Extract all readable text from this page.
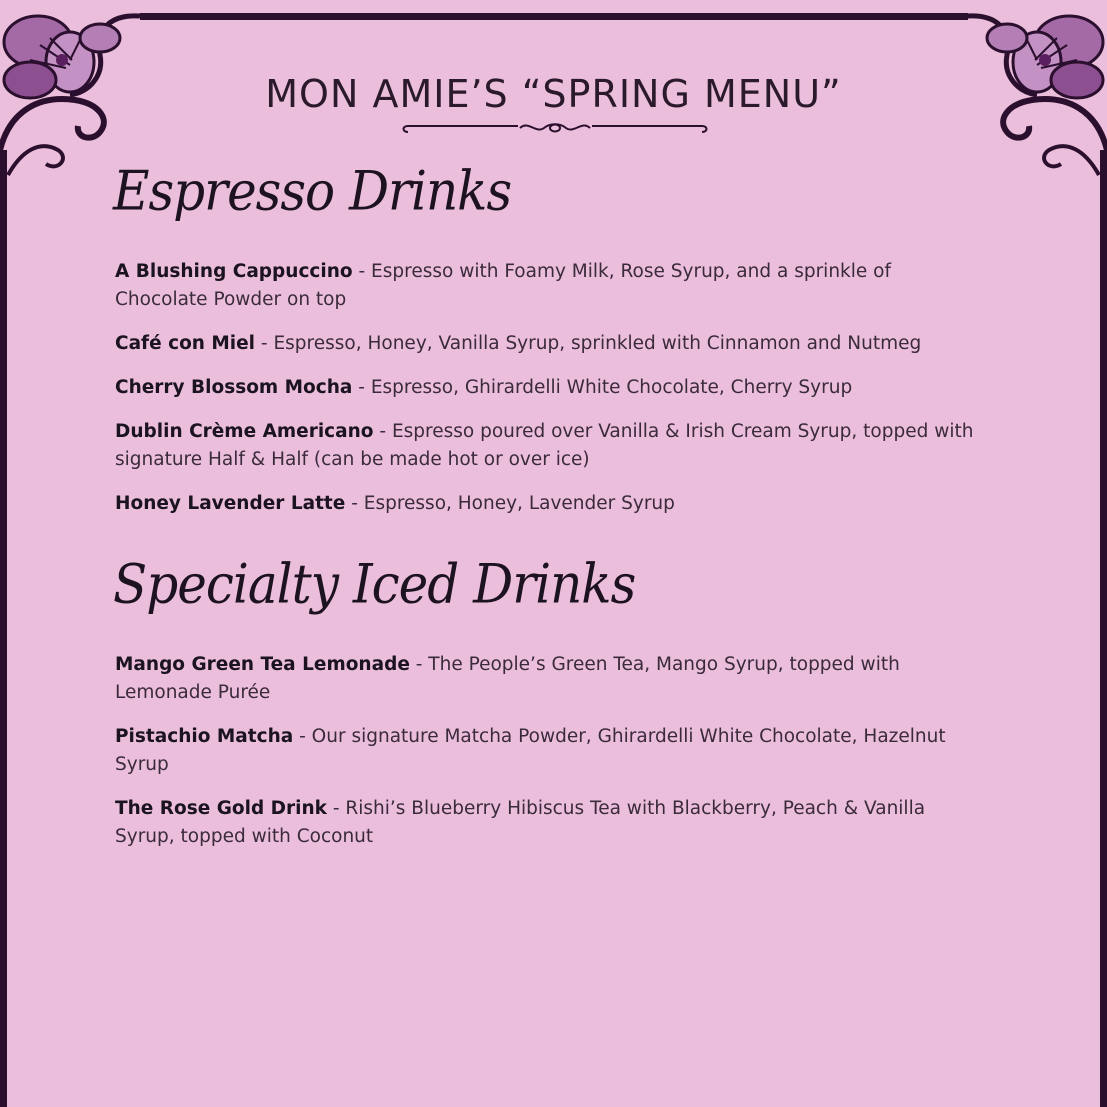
MON AMIE’S “SPRING MENU”
Espresso Drinks
A Blushing Cappuccino - Espresso with Foamy Milk, Rose Syrup, and a sprinkle of Chocolate Powder on top
Café con Miel - Espresso, Honey, Vanilla Syrup, sprinkled with Cinnamon and Nutmeg
Cherry Blossom Mocha - Espresso, Ghirardelli White Chocolate, Cherry Syrup
Dublin Crème Americano - Espresso poured over Vanilla & Irish Cream Syrup, topped with signature Half & Half (can be made hot or over ice)
Honey Lavender Latte - Espresso, Honey, Lavender Syrup
Specialty Iced Drinks
Mango Green Tea Lemonade - The People’s Green Tea, Mango Syrup, topped with Lemonade Purée
Pistachio Matcha - Our signature Matcha Powder, Ghirardelli White Chocolate, Hazelnut Syrup
The Rose Gold Drink - Rishi’s Blueberry Hibiscus Tea with Blackberry, Peach & Vanilla Syrup, topped with Coconut
